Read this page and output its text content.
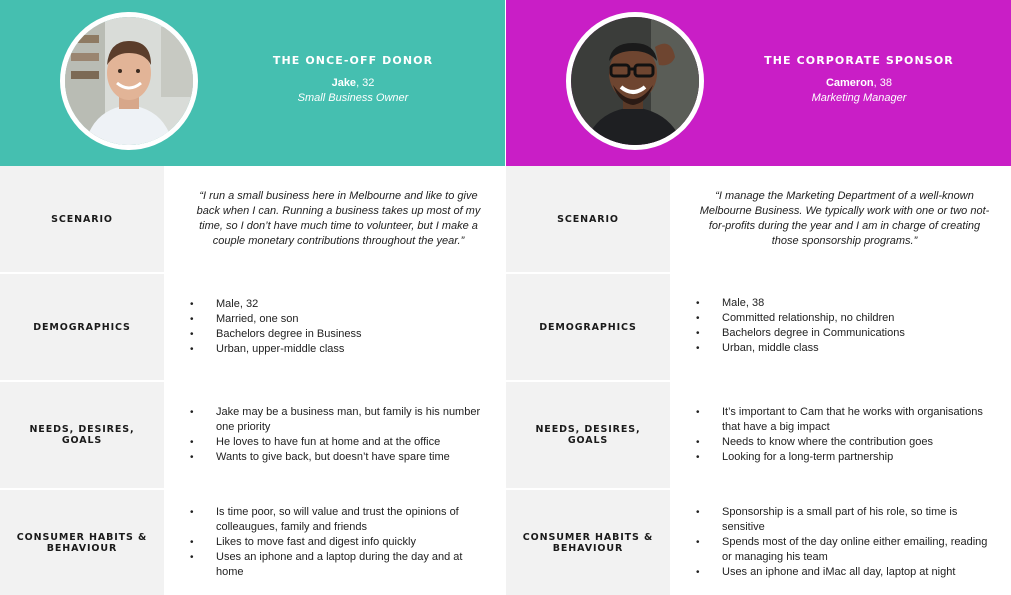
THE ONCE-OFF DONOR
Jake, 32
Small Business Owner
SCENARIO

“I run a small business here in Melbourne and like to give back when I can. Running a business takes up most of my time, so I don’t have much time to volunteer, but I make a couple monetary contributions throughout the year.”

DEMOGRAPHICS
• Male, 32
• Married, one son
• Bachelors degree in Business
• Urban, upper-middle class
NEEDS, DESIRES, GOALS
• Jake may be a business man, but family is his number one priority
• He loves to have fun at home and at the office
• Wants to give back, but doesn’t have spare time
CONSUMER HABITS & BEHAVIOUR
• Is time poor, so will value and trust the opinions of colleaugues, family and friends
• Likes to move fast and digest info quickly
• Uses an iphone and a laptop during the day and at home
THE CORPORATE SPONSOR
Cameron, 38
Marketing Manager
SCENARIO

“I manage the Marketing Department of a well-known Melbourne Business. We typically work with one or two not-for-profits during the year and I am in charge of creating those sponsorship programs.”

DEMOGRAPHICS
• Male, 38
• Committed relationship, no children
• Bachelors degree in Communications
• Urban, middle class
NEEDS, DESIRES, GOALS
• It’s important to Cam that he works with organisations that have a big impact
• Needs to know where the contribution goes
• Looking for a long-term partnership
CONSUMER HABITS & BEHAVIOUR
• Sponsorship is a small part of his role, so time is sensitive
• Spends most of the day online either emailing, reading or managing his team
• Uses an iphone and iMac all day, laptop at night
